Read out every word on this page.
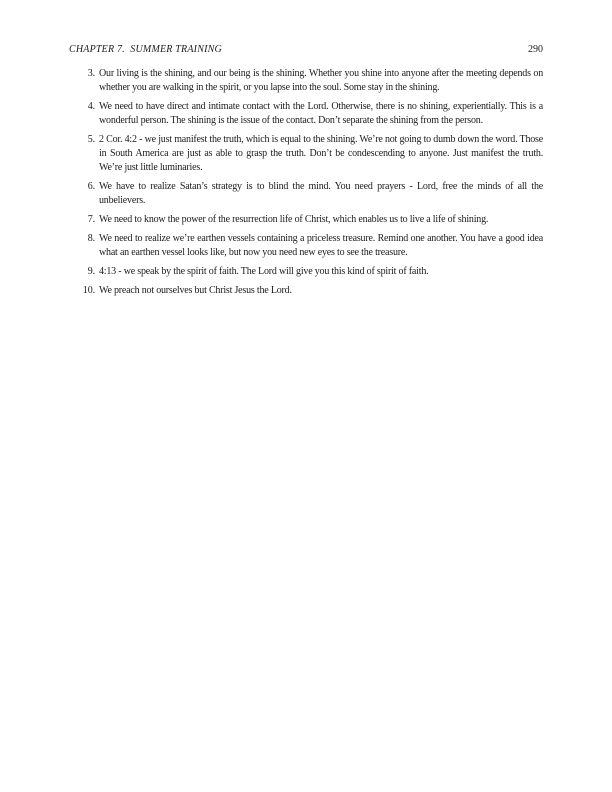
CHAPTER 7.  SUMMER TRAINING	290
3. Our living is the shining, and our being is the shining. Whether you shine into anyone after the meeting depends on whether you are walking in the spirit, or you lapse into the soul. Some stay in the shining.

4. We need to have direct and intimate contact with the Lord. Otherwise, there is no shining, experientially. This is a wonderful person. The shining is the issue of the contact. Don’t separate the shining from the person.

5. 2 Cor. 4:2 - we just manifest the truth, which is equal to the shining. We’re not going to dumb down the word. Those in South America are just as able to grasp the truth. Don’t be condescending to anyone. Just manifest the truth. We’re just little luminaries.

6. We have to realize Satan’s strategy is to blind the mind. You need prayers - Lord, free the minds of all the unbelievers.

7. We need to know the power of the resurrection life of Christ, which enables us to live a life of shining.

8. We need to realize we’re earthen vessels containing a priceless treasure. Remind one another. You have a good idea what an earthen vessel looks like, but now you need new eyes to see the treasure.

9. 4:13 - we speak by the spirit of faith. The Lord will give you this kind of spirit of faith.

10. We preach not ourselves but Christ Jesus the Lord.
